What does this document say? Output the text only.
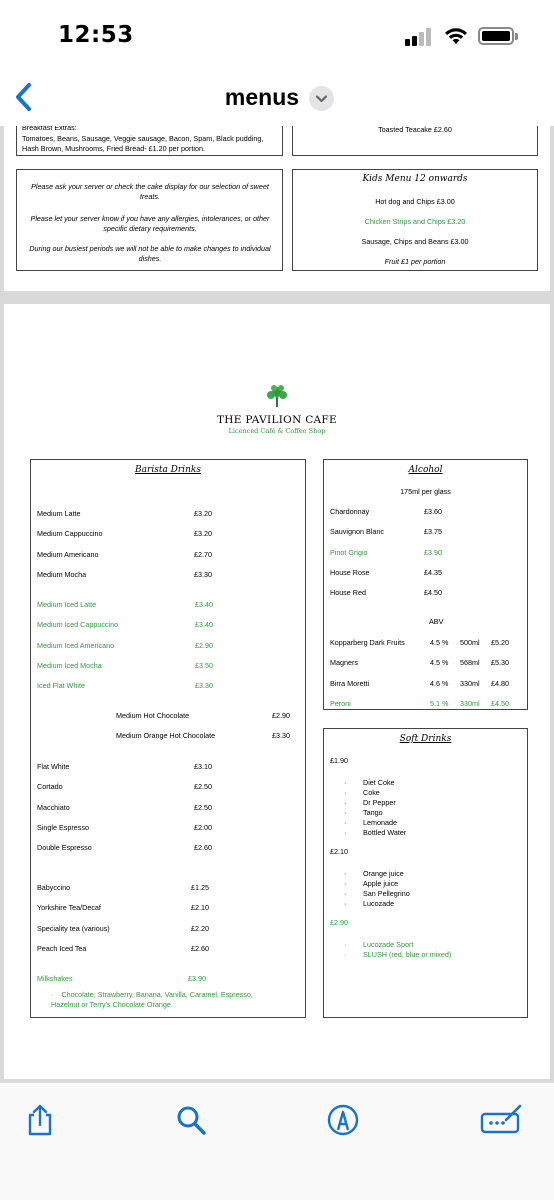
12:53
menus
Breakfast Extras:
Tomatoes, Beans, Sausage, Veggie sausage, Bacon, Spam, Black pudding, Hash Brown, Mushrooms, Fried Bread- £1.20 per portion.
Toasted Teacake £2.60
Please ask your server or check the cake display for our selection of sweet treats.
Please let your server know if you have any allergies, intolerances, or other specific dietary requirements.
During our busiest periods we will not be able to make changes to individual dishes.
Kids Menu 12 onwards
Hot dog and Chips £3.00
Chicken Strips and Chips £3.20
Sausage, Chips and Beans £3.00
Fruit £1 per portion
THE PAVILION CAFE
Licenced Café & Coffee Shop
Barista Drinks
Medium Latte	£3.20
Medium Cappuccino	£3.20
Medium Americano	£2.70
Medium Mocha	£3.30
Medium Iced Latte	£3.40
Medium Iced Cappuccino	£3.40
Medium Iced Americano	£2.90
Medium Iced Mocha	£3.50
Iced Flat White	£3.30
Medium Hot Chocolate	£2.90
Medium Orange Hot Chocolate	£3.30
Flat White	£3.10
Cortado	£2.50
Macchiato	£2.50
Single Espresso	£2.00
Double Espresso	£2.60
Babyccino	£1.25
Yorkshire Tea/Decaf	£2.10
Speciality tea (various)	£2.20
Peach Iced Tea	£2.60
Milkshakes	£3.90
·    Chocolate, Strawberry, Banana, Vanilla, Caramel, Espresso, Hazelnut or Terry's Chocolate Orange.
Alcohol
175ml per glass
Chardonnay	£3.60
Sauvignon Blanc	£3.75
Pinot Grigio	£3.90
House Rose	£4.35
House Red	£4.50
ABV
Kopparberg Dark Fruits	4.5 % 500ml £5.20
Magners	4.5 % 568ml £5.30
Birra Moretti	4.6 % 330ml £4.80
Peroni	5.1 % 330ml £4.50
Soft Drinks
£1.90
· Diet Coke
· Coke
· Dr Pepper
· Tango
· Lemonade
· Bottled Water
£2.10
· Orange juice
· Apple juice
· San Pellegrino
· Lucozade
£2.90
· Lucozade Sport
· SLUSH (red, blue or mixed)
